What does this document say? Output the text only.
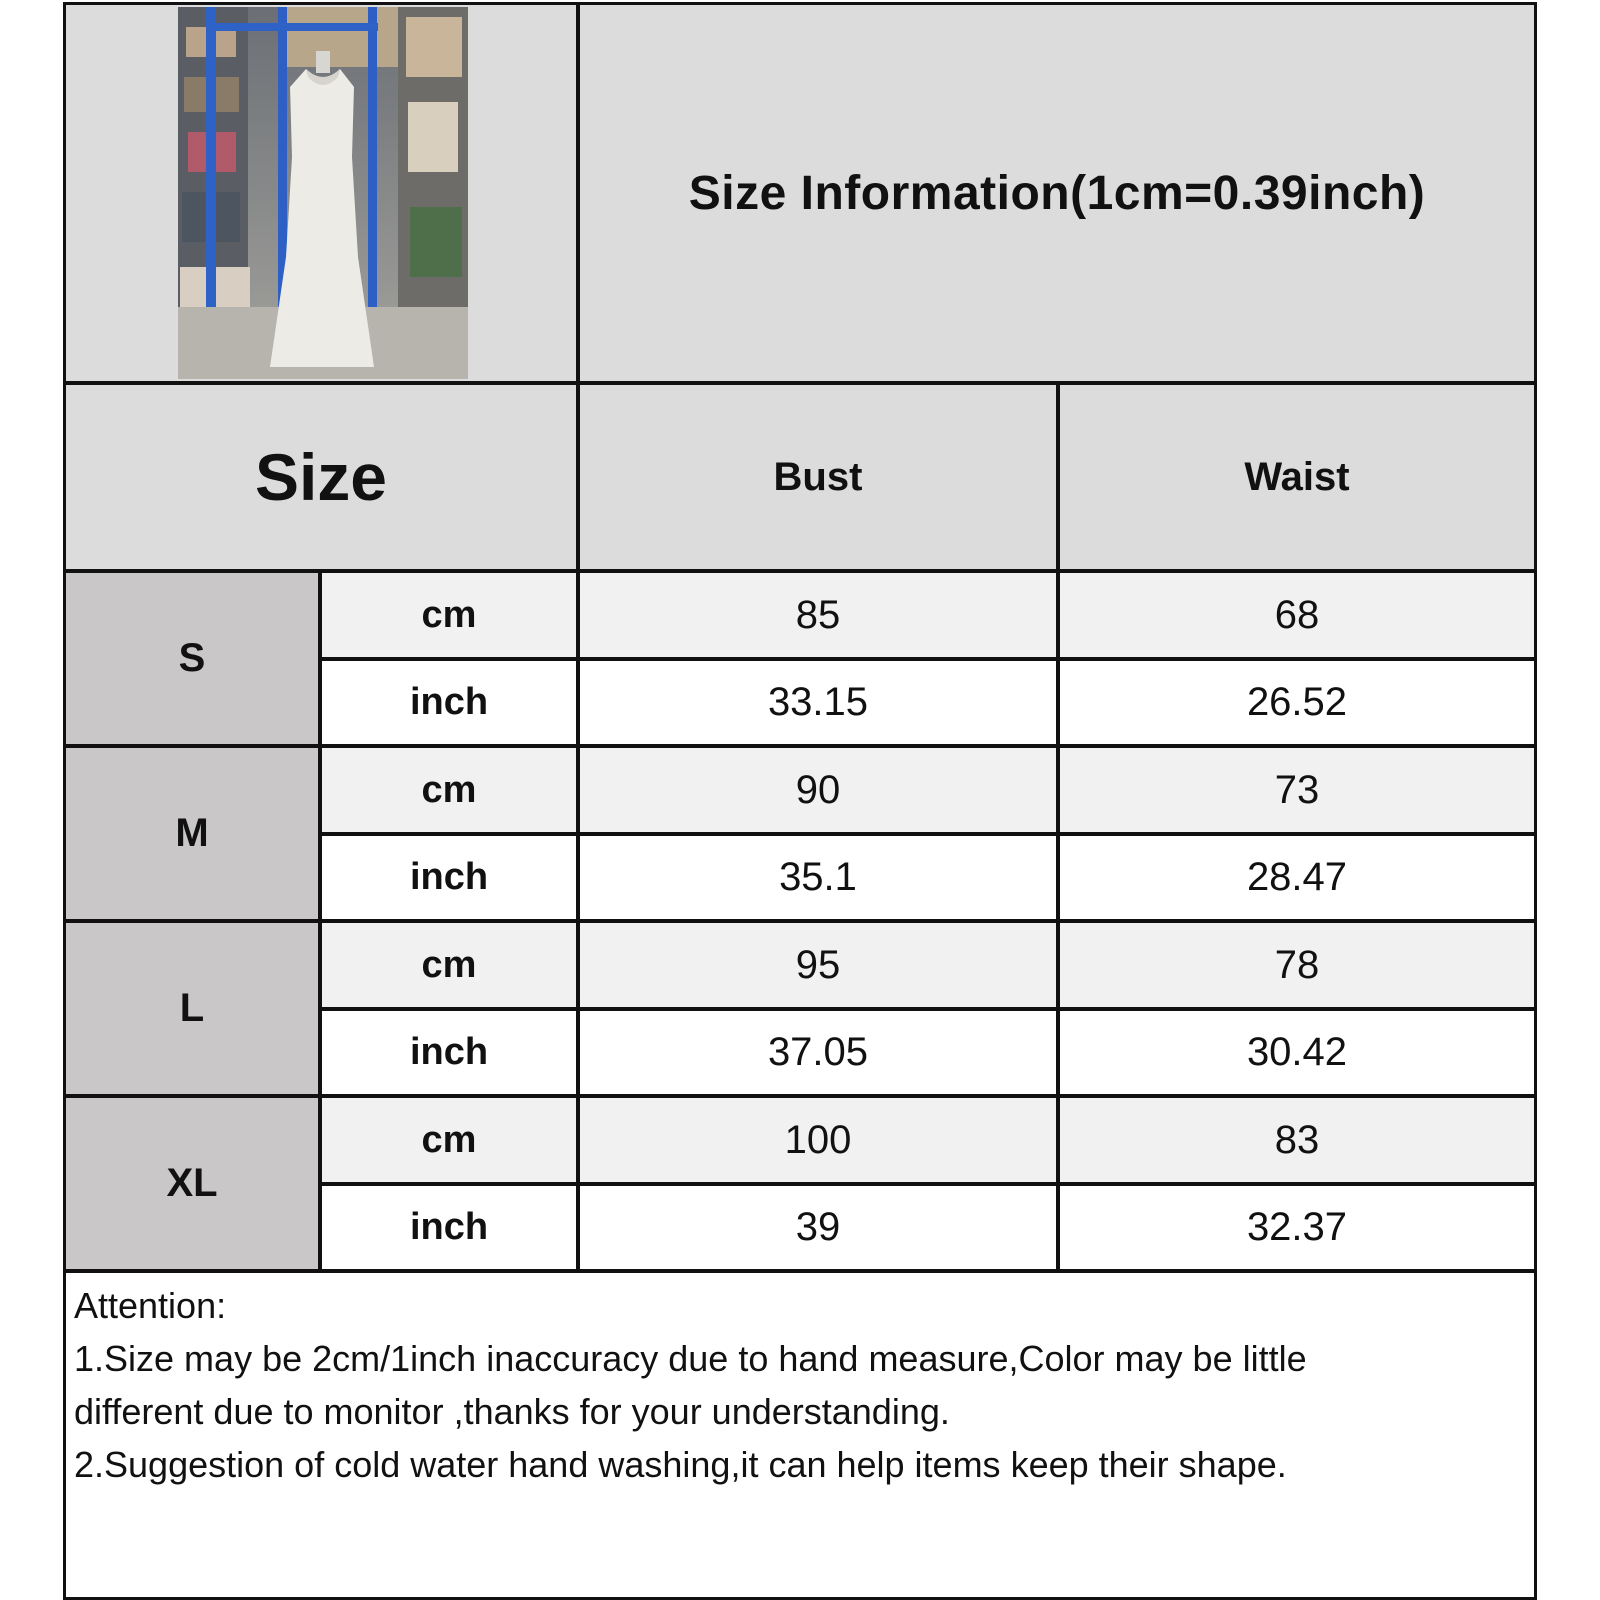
Size Information(1cm=0.39inch)
Size	Bust	Waist
S
cm	85	68
inch	33.15	26.52
M
cm	90	73
inch	35.1	28.47
L
cm	95	78
inch	37.05	30.42
XL
cm	100	83
inch	39	32.37
Attention:
1.Size may be 2cm/1inch inaccuracy due to hand measure,Color may be little
different due to monitor ,thanks for your understanding.
2.Suggestion of cold water hand washing,it can help items keep their shape.
